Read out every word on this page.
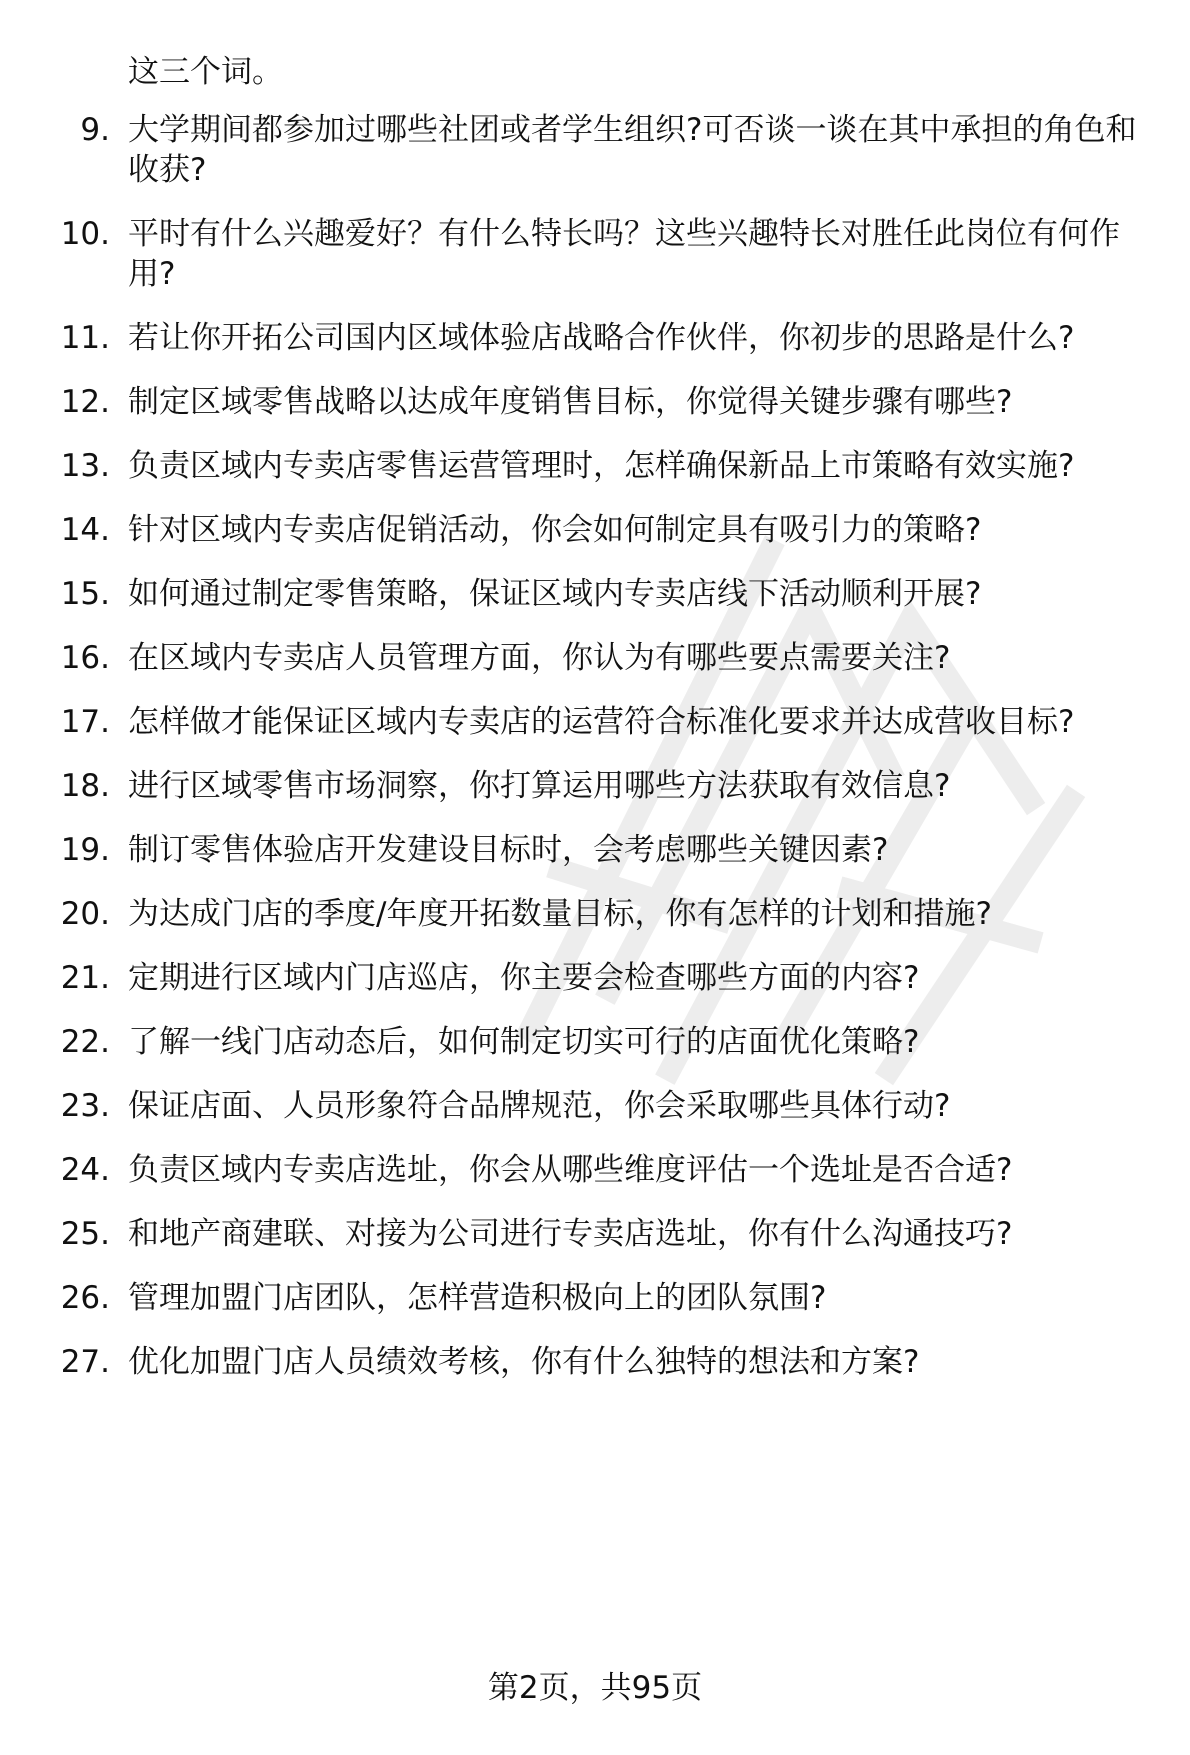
这三个词。
9. 大学期间都参加过哪些社团或者学生组织?可否谈一谈在其中承担的角色和收获?
10. 平时有什么兴趣爱好？有什么特长吗？这些兴趣特长对胜任此岗位有何作用?
11. 若让你开拓公司国内区域体验店战略合作伙伴，你初步的思路是什么?
12. 制定区域零售战略以达成年度销售目标，你觉得关键步骤有哪些?
13. 负责区域内专卖店零售运营管理时，怎样确保新品上市策略有效实施?
14. 针对区域内专卖店促销活动，你会如何制定具有吸引力的策略?
15. 如何通过制定零售策略，保证区域内专卖店线下活动顺利开展?
16. 在区域内专卖店人员管理方面，你认为有哪些要点需要关注?
17. 怎样做才能保证区域内专卖店的运营符合标准化要求并达成营收目标?
18. 进行区域零售市场洞察，你打算运用哪些方法获取有效信息?
19. 制订零售体验店开发建设目标时，会考虑哪些关键因素?
20. 为达成门店的季度/年度开拓数量目标，你有怎样的计划和措施?
21. 定期进行区域内门店巡店，你主要会检查哪些方面的内容?
22. 了解一线门店动态后，如何制定切实可行的店面优化策略?
23. 保证店面、人员形象符合品牌规范，你会采取哪些具体行动?
24. 负责区域内专卖店选址，你会从哪些维度评估一个选址是否合适?
25. 和地产商建联、对接为公司进行专卖店选址，你有什么沟通技巧?
26. 管理加盟门店团队，怎样营造积极向上的团队氛围?
27. 优化加盟门店人员绩效考核，你有什么独特的想法和方案?
第2页，共95页
